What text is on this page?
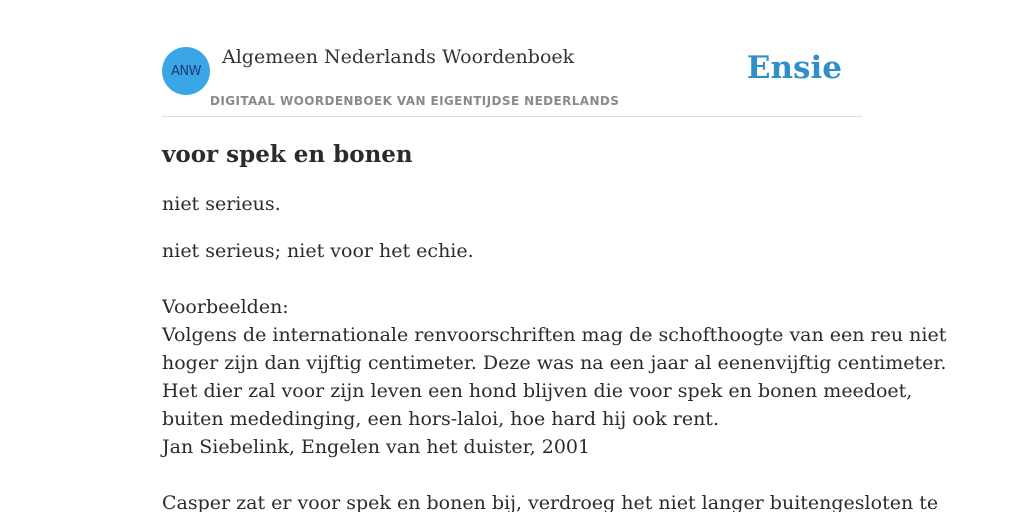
ANW
Algemeen Nederlands Woordenboek
DIGITAAL WOORDENBOEK VAN EIGENTIJDSE NEDERLANDS
Ensie
voor spek en bonen
niet serieus.
niet serieus; niet voor het echie.
Voorbeelden:
Volgens de internationale renvoorschriften mag de schofthoogte van een reu niet
hoger zijn dan vijftig centimeter. Deze was na een jaar al eenenvijftig centimeter.
Het dier zal voor zijn leven een hond blijven die voor spek en bonen meedoet,
buiten mededinging, een hors-laloi, hoe hard hij ook rent.
Jan Siebelink, Engelen van het duister, 2001
Casper zat er voor spek en bonen bij, verdroeg het niet langer buitengesloten te
